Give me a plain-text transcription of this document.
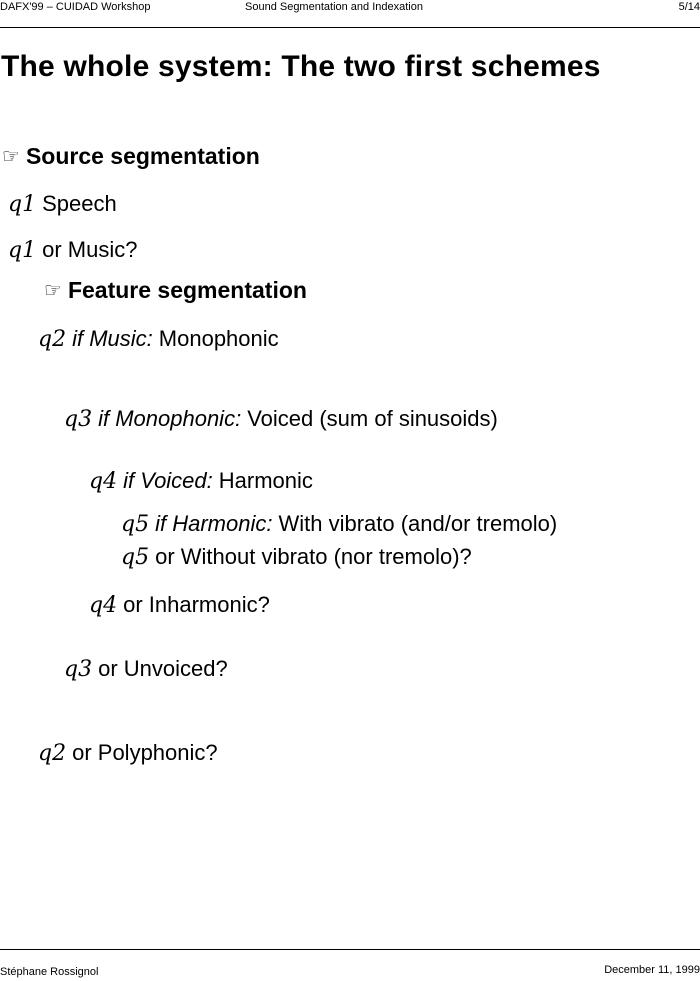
DAFX'99 – CUIDAD Workshop	Sound Segmentation and Indexation	5/14
The whole system: The two first schemes
☞ Source segmentation
q1 Speech
q1 or Music?
☞ Feature segmentation
q2 if Music: Monophonic
q3 if Monophonic: Voiced (sum of sinusoids)
q4 if Voiced: Harmonic
q5 if Harmonic: With vibrato (and/or tremolo)
q5 or Without vibrato (nor tremolo)?
q4 or Inharmonic?
q3 or Unvoiced?
q2 or Polyphonic?
Stéphane Rossignol	December 11, 1999
